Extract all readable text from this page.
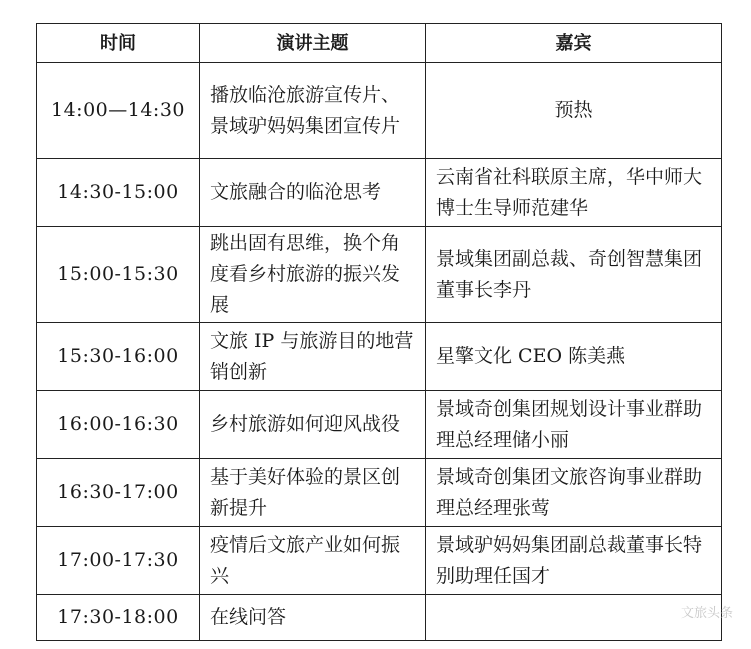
时间	演讲主题	嘉宾
14:00—14:30	播放临沧旅游宣传片、景域驴妈妈集团宣传片	预热
14:30-15:00	文旅融合的临沧思考	云南省社科联原主席，华中师大博士生导师范建华
15:00-15:30	跳出固有思维，换个角度看乡村旅游的振兴发展	景域集团副总裁、奇创智慧集团董事长李丹
15:30-16:00	文旅 IP 与旅游目的地营销创新	星擎文化 CEO 陈美燕
16:00-16:30	乡村旅游如何迎风战役	景域奇创集团规划设计事业群助理总经理储小丽
16:30-17:00	基于美好体验的景区创新提升	景域奇创集团文旅咨询事业群助理总经理张莺
17:00-17:30	疫情后文旅产业如何振兴	景域驴妈妈集团副总裁董事长特别助理任国才
17:30-18:00	在线问答		文旅头条
